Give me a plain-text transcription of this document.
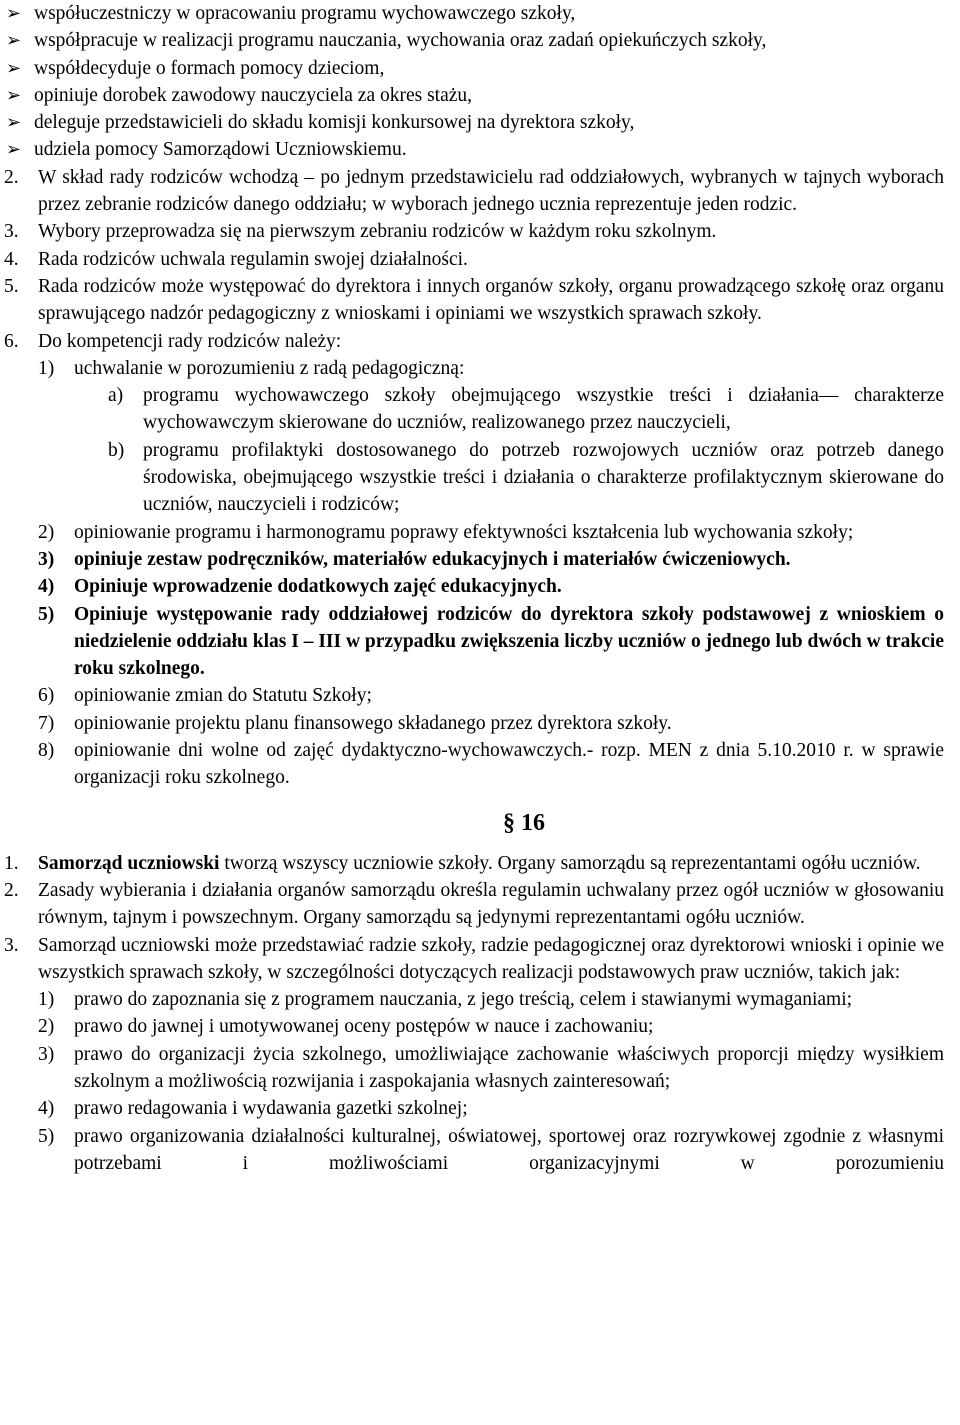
➢ współuczestniczy w opracowaniu programu wychowawczego szkoły,
➢ współpracuje w realizacji programu nauczania, wychowania oraz zadań opiekuńczych szkoły,
➢ współdecyduje o formach pomocy dzieciom,
➢ opiniuje dorobek zawodowy nauczyciela za okres stażu,
➢ deleguje przedstawicieli do składu komisji konkursowej na dyrektora szkoły,
➢ udziela pomocy Samorządowi Uczniowskiemu.
2. W skład rady rodziców wchodzą – po jednym przedstawicielu rad oddziałowych, wybranych w tajnych wyborach przez zebranie rodziców danego oddziału; w wyborach jednego ucznia reprezentuje jeden rodzic.
3. Wybory przeprowadza się na pierwszym zebraniu rodziców w każdym roku szkolnym.
4. Rada rodziców uchwala regulamin swojej działalności.
5. Rada rodziców może występować do dyrektora i innych organów szkoły, organu prowadzącego szkołę oraz organu sprawującego nadzór pedagogiczny z wnioskami i opiniami we wszystkich sprawach szkoły.
6. Do kompetencji rady rodziców należy:
1)	uchwalanie w porozumieniu z radą pedagogiczną:
a)	programu wychowawczego szkoły obejmującego wszystkie treści i działania— charakterze wychowawczym skierowane do uczniów, realizowanego przez nauczycieli,
b) programu profilaktyki dostosowanego do potrzeb rozwojowych uczniów oraz potrzeb danego środowiska, obejmującego wszystkie treści i działania o charakterze profilaktycznym skierowane do uczniów, nauczycieli i rodziców;
2)	opiniowanie programu i harmonogramu poprawy efektywności kształcenia lub wychowania szkoły;
3)	opiniuje zestaw podręczników, materiałów edukacyjnych i materiałów ćwiczeniowych.
4)	Opiniuje wprowadzenie dodatkowych zajęć edukacyjnych.
5)	Opiniuje występowanie rady oddziałowej rodziców do dyrektora szkoły podstawowej z wnioskiem o niedzielenie oddziału klas I – III w przypadku zwiększenia liczby uczniów o jednego lub dwóch w trakcie roku szkolnego.
6)	opiniowanie zmian do Statutu Szkoły;
7)	opiniowanie projektu planu finansowego składanego przez dyrektora szkoły.
8)	opiniowanie dni wolne od zajęć dydaktyczno-wychowawczych.- rozp. MEN z dnia 5.10.2010 r. w sprawie organizacji roku szkolnego.
§ 16
1. Samorząd uczniowski tworzą wszyscy uczniowie szkoły. Organy samorządu są reprezentantami ogółu uczniów.
2. Zasady wybierania i działania organów samorządu określa regulamin uchwalany przez ogół uczniów w głosowaniu równym, tajnym i powszechnym. Organy samorządu są jedynymi reprezentantami ogółu uczniów.
3. Samorząd uczniowski może przedstawiać radzie szkoły, radzie pedagogicznej oraz dyrektorowi wnioski i opinie we wszystkich sprawach szkoły, w szczególności dotyczących realizacji podstawowych praw uczniów, takich jak:
1)	prawo do zapoznania się z programem nauczania, z jego treścią, celem i stawianymi wymaganiami;
2)	prawo do jawnej i umotywowanej oceny postępów w nauce i zachowaniu;
3)	prawo do organizacji życia szkolnego, umożliwiające zachowanie właściwych proporcji między wysiłkiem szkolnym a możliwością rozwijania i zaspokajania własnych zainteresowań;
4)	prawo redagowania i wydawania gazetki szkolnej;
5)	prawo organizowania działalności kulturalnej, oświatowej, sportowej oraz rozrywkowej zgodnie z własnymi potrzebami i możliwościami organizacyjnymi w porozumieniu
